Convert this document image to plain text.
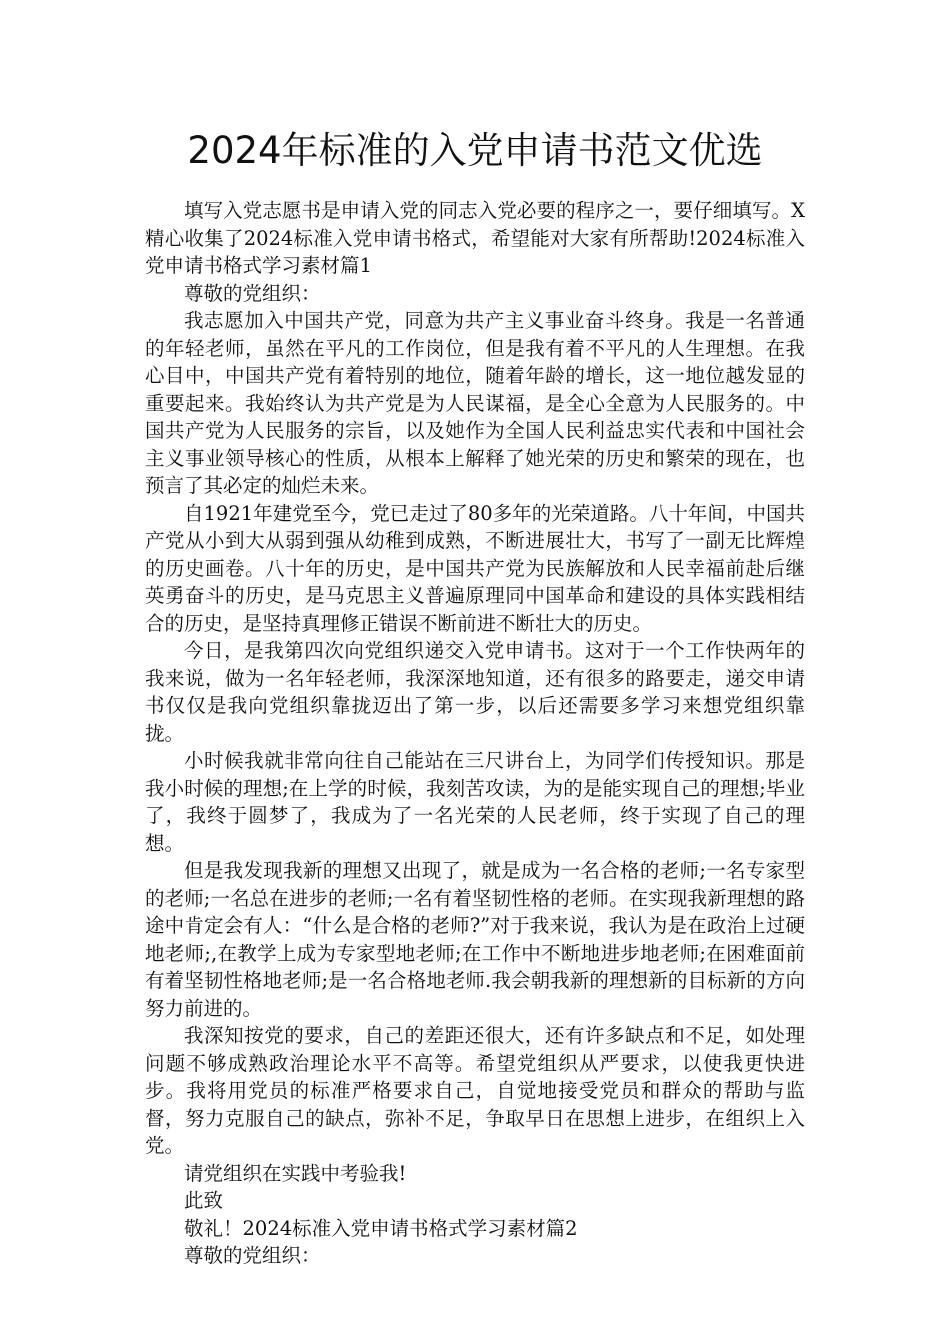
2024年标准的入党申请书范文优选

填写入党志愿书是申请入党的同志入党必要的程序之一，要仔细填写。X精心收集了2024标准入党申请书格式，希望能对大家有所帮助!2024标准入党申请书格式学习素材篇1

尊敬的党组织：

我志愿加入中国共产党，同意为共产主义事业奋斗终身。我是一名普通的年轻老师，虽然在平凡的工作岗位，但是我有着不平凡的人生理想。在我心目中，中国共产党有着特别的地位，随着年龄的增长，这一地位越发显的重要起来。我始终认为共产党是为人民谋福，是全心全意为人民服务的。中国共产党为人民服务的宗旨，以及她作为全国人民利益忠实代表和中国社会主义事业领导核心的性质，从根本上解释了她光荣的历史和繁荣的现在，也预言了其必定的灿烂未来。

自1921年建党至今，党已走过了80多年的光荣道路。八十年间，中国共产党从小到大从弱到强从幼稚到成熟，不断进展壮大，书写了一副无比辉煌的历史画卷。八十年的历史，是中国共产党为民族解放和人民幸福前赴后继英勇奋斗的历史，是马克思主义普遍原理同中国革命和建设的具体实践相结合的历史，是坚持真理修正错误不断前进不断壮大的历史。

今日，是我第四次向党组织递交入党申请书。这对于一个工作快两年的我来说，做为一名年轻老师，我深深地知道，还有很多的路要走，递交申请书仅仅是我向党组织靠拢迈出了第一步，以后还需要多学习来想党组织靠拢。

小时候我就非常向往自己能站在三尺讲台上，为同学们传授知识。那是我小时候的理想;在上学的时候，我刻苦攻读，为的是能实现自己的理想;毕业了，我终于圆梦了，我成为了一名光荣的人民老师，终于实现了自己的理想。

但是我发现我新的理想又出现了，就是成为一名合格的老师;一名专家型的老师;一名总在进步的老师;一名有着坚韧性格的老师。在实现我新理想的路途中肯定会有人：“什么是合格的老师?”对于我来说，我认为是在政治上过硬地老师;,在教学上成为专家型地老师;在工作中不断地进步地老师;在困难面前有着坚韧性格地老师;是一名合格地老师.我会朝我新的理想新的目标新的方向努力前进的。

我深知按党的要求，自己的差距还很大，还有许多缺点和不足，如处理问题不够成熟政治理论水平不高等。希望党组织从严要求，以使我更快进步。我将用党员的标准严格要求自己，自觉地接受党员和群众的帮助与监督，努力克服自己的缺点，弥补不足，争取早日在思想上进步，在组织上入党。

请党组织在实践中考验我!

此致

敬礼！2024标准入党申请书格式学习素材篇2

尊敬的党组织：
